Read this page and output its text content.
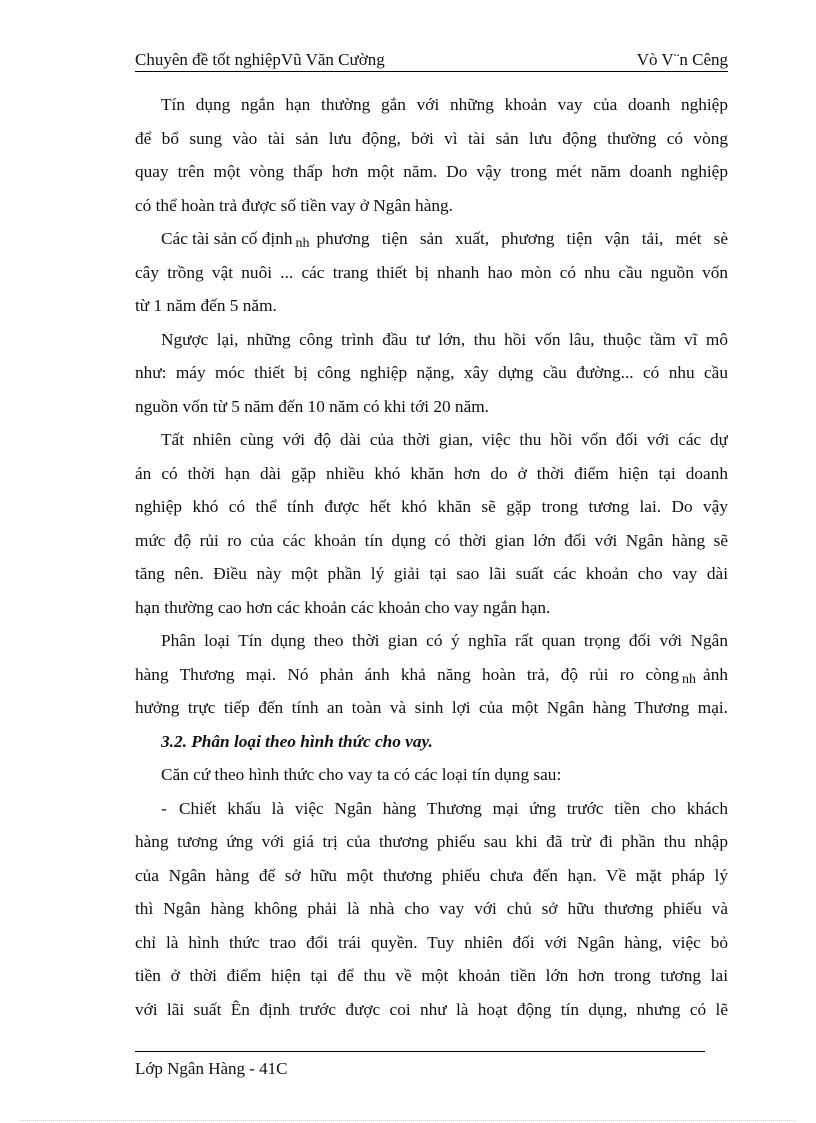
Chuyên đề tốt nghiệpVũ Văn Cường	Vò V¨n Cêng
Tín dụng ngắn hạn thường gắn với những khoản vay của doanh nghiệp
để bổ sung vào tài sản lưu động, bởi vì tài sản lưu động thường có vòng
quay trên một vòng thấp hơn một năm. Do vậy trong mét năm doanh nghiệp
có thể hoàn trả được số tiền vay ở Ngân hàng.
Các tài sản cố định nh phương tiện sản xuất, phương tiện vận tải, mét sè
cây trồng vật nuôi ... các trang thiết bị nhanh hao mòn có nhu cầu nguồn vốn
từ 1 năm đến 5 năm.
Ngược lại, những công trình đầu tư lớn, thu hồi vốn lâu, thuộc tầm vĩ mô
như: máy móc thiết bị công nghiệp nặng, xây dựng cầu đường... có nhu cầu
nguồn vốn từ 5 năm đến 10 năm có khi tới 20 năm.
Tất nhiên cùng với độ dài của thời gian, việc thu hồi vốn đối với các dự
án có thời hạn dài gặp nhiều khó khăn hơn do ở thời điểm hiện tại doanh
nghiệp khó có thể tính được hết khó khăn sẽ gặp trong tương lai. Do vậy
mức độ rủi ro của các khoản tín dụng có thời gian lớn đối với Ngân hàng sẽ
tăng nên. Điều này một phần lý giải tại sao lãi suất các khoản cho vay dài
hạn thường cao hơn các khoản các khoản cho vay ngắn hạn.
Phân loại Tín dụng theo thời gian có ý nghĩa rất quan trọng đối với Ngân
hàng Thương mại. Nó phản ánh khả năng hoàn trả, độ rủi ro còng nh ảnh
hưởng trực tiếp đến tính an toàn và sinh lợi của một Ngân hàng Thương mại.
3.2. Phân loại theo hình thức cho vay.
Căn cứ theo hình thức cho vay ta có các loại tín dụng sau:
- Chiết khấu là việc Ngân hàng Thương mại ứng trước tiền cho khách
hàng tương ứng với giá trị của thương phiếu sau khi đã trừ đi phần thu nhập
của Ngân hàng để sở hữu một thương phiếu chưa đến hạn. Về mặt pháp lý
thì Ngân hàng không phải là nhà cho vay với chủ sở hữu thương phiếu và
chỉ là hình thức trao đổi trái quyền. Tuy nhiên đối với Ngân hàng, việc bỏ
tiền ở thời điểm hiện tại để thu về một khoản tiền lớn hơn trong tương lai
với lãi suất Ên định trước được coi như là hoạt động tín dụng, nhưng có lẽ
Lớp Ngân Hàng - 41C
